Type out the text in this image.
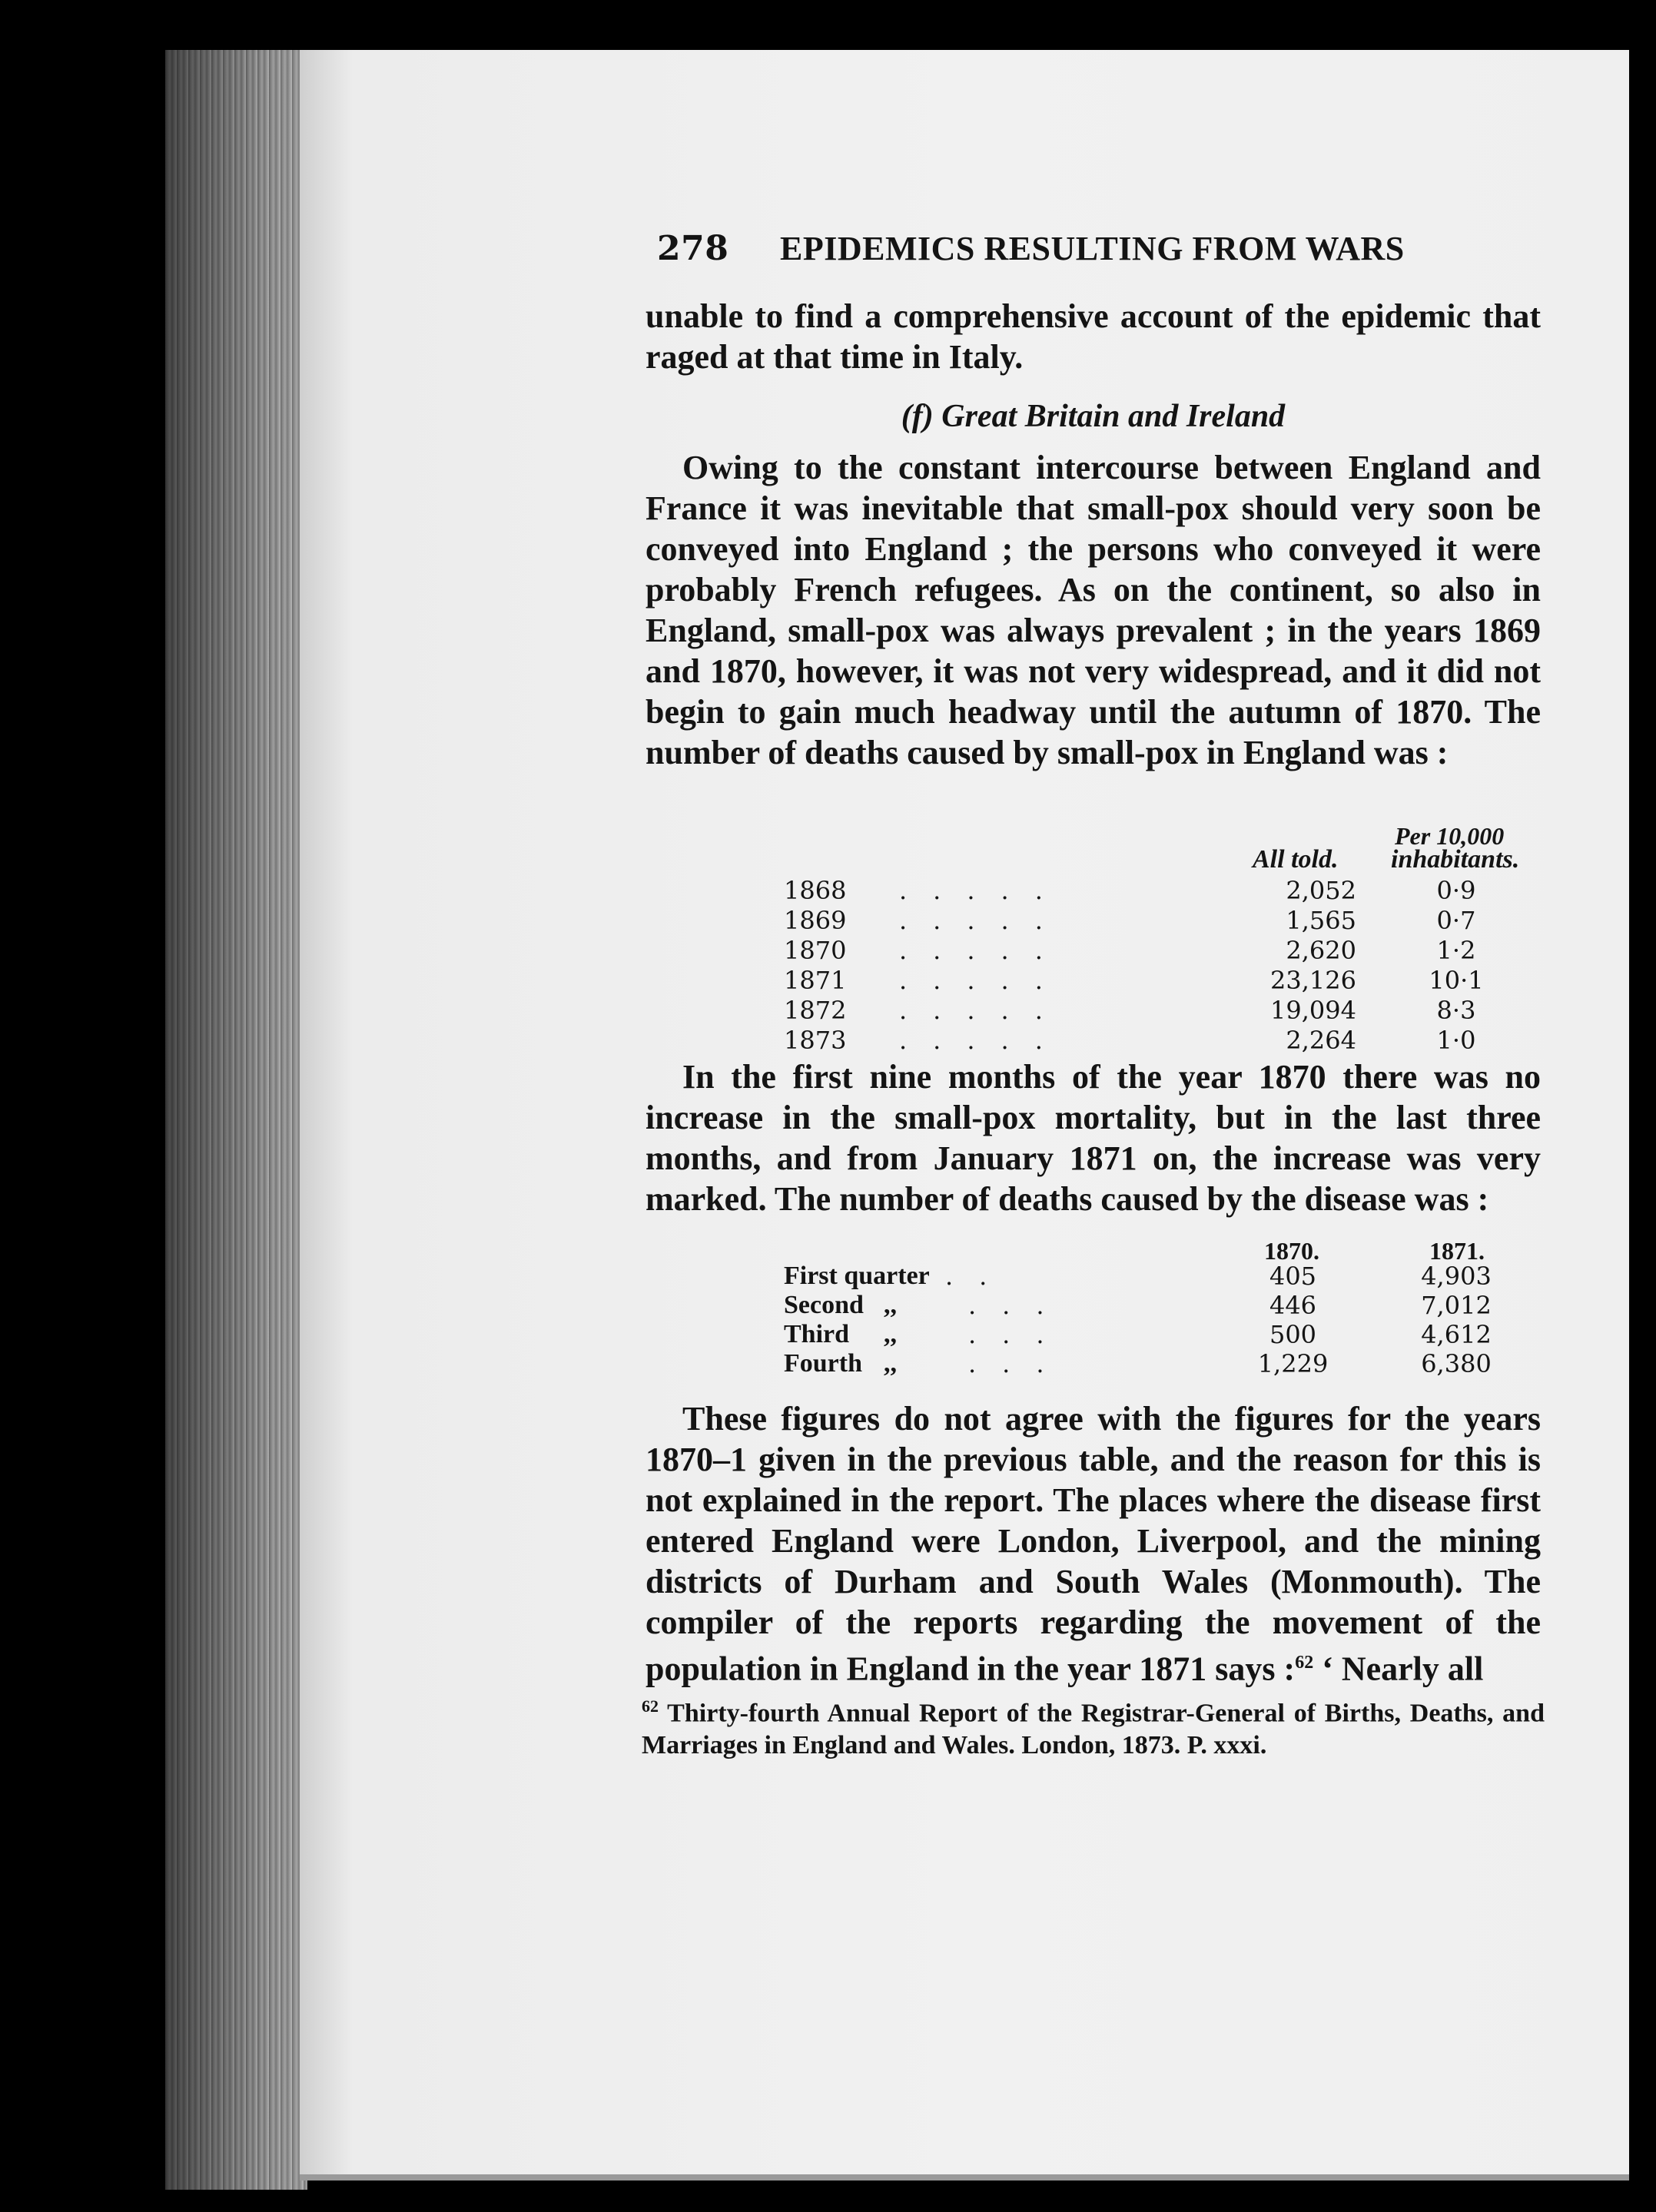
278 EPIDEMICS RESULTING FROM WARS

unable to find a comprehensive account of the epidemic that raged at that time in Italy.

(f) Great Britain and Ireland

Owing to the constant intercourse between England and France it was inevitable that small-pox should very soon be conveyed into England ; the persons who conveyed it were probably French refugees. As on the continent, so also in England, small-pox was always prevalent ; in the years 1869 and 1870, however, it was not very widespread, and it did not begin to gain much headway until the autumn of 1870. The number of deaths caused by small-pox in England was :

Per 10,000
All told. inhabitants.
1868 .....	2,052	0·9
1869 .....	1,565	0·7
1870 .....	2,620	1·2
1871 .....	23,126	10·1
1872 .....	19,094	8·3
1873 .....	2,264	1·0

In the first nine months of the year 1870 there was no increase in the small-pox mortality, but in the last three months, and from January 1871 on, the increase was very marked. The number of deaths caused by the disease was :

1870.	1871.
First quarter ..	405	4,903
Second ,,	...	446	7,012
Third ,,	...	500	4,612
Fourth ,,	...	1,229	6,380

These figures do not agree with the figures for the years 1870–1 given in the previous table, and the reason for this is not explained in the report. The places where the disease first entered England were London, Liverpool, and the mining districts of Durham and South Wales (Monmouth). The compiler of the reports regarding the movement of the population in England in the year 1871 says :$^{62}$ ‘ Nearly all

$^{62}$ Thirty-fourth Annual Report of the Registrar-General of Births, Deaths, and Marriages in England and Wales. London, 1873. P. xxxi.
